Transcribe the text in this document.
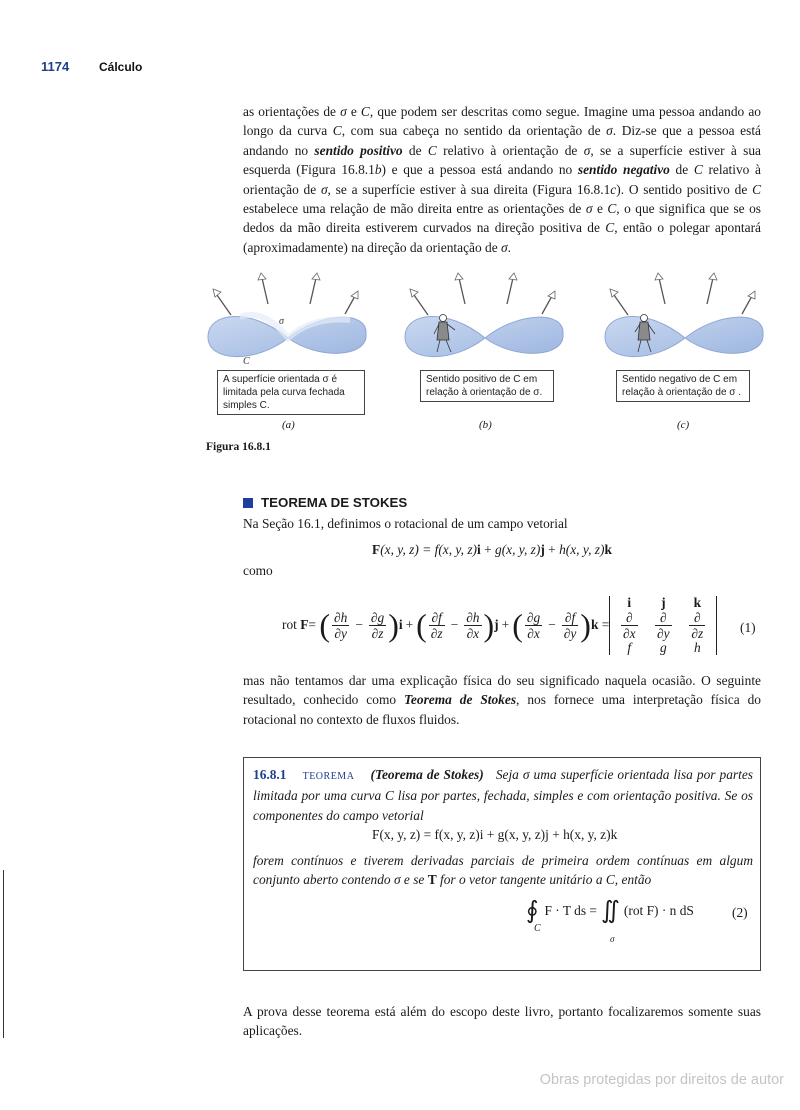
1174 Cálculo

as orientações de σ e C, que podem ser descritas como segue. Imagine uma pessoa andando ao longo da curva C, com sua cabeça no sentido da orientação de σ. Diz-se que a pessoa está andando no sentido positivo de C relativo à orientação de σ, se a superfície estiver à sua esquerda (Figura 16.8.1b) e que a pessoa está andando no sentido negativo de C relativo à orientação de σ, se a superfície estiver à sua direita (Figura 16.8.1c). O sentido positivo de C estabelece uma relação de mão direita entre as orientações de σ e C, o que significa que se os dedos da mão direita estiverem curvados na direção positiva de C, então o polegar apontará (aproximadamente) na direção da orientação de σ.

σ
C
A superfície orientada σ é
limitada pela curva fechada
simples C.
Sentido positivo de C em
relação à orientação de σ.
Sentido negativo de C em
relação à orientação de σ .
(a)	(b)	(c)
Figura 16.8.1
TEOREMA DE STOKES
Na Seção 16.1, definimos o rotacional de um campo vetorial
F(x, y, z) = f(x, y, z)i + g(x, y, z)j + h(x, y, z)k
como
rot
F =
( $\frac{\partial h}{\partial y} - \frac{\partial g}{\partial z}$ ) i + ( $\frac{\partial f}{\partial z} - \frac{\partial h}{\partial x}$ ) j + ( $\frac{\partial g}{\partial x} - \frac{\partial f}{\partial y}$ ) k =
i j k
$\frac{\partial}{\partial x} \frac{\partial}{\partial y} \frac{\partial}{\partial z}$
f g h
(1)

mas não tentamos dar uma explicação física do seu significado naquela ocasião. O seguinte resultado, conhecido como Teorema de Stokes, nos fornece uma interpretação física do rotacional no contexto de fluxos fluidos.

16.8.1 TEOREMA (Teorema de Stokes) Seja σ uma superfície orientada lisa por partes limitada por uma curva C lisa por partes, fechada, simples e com orientação positiva. Se os componentes do campo vetorial
F(x, y, z) = f(x, y, z)i + g(x, y, z)j + h(x, y, z)k
forem contínuos e tiverem derivadas parciais de primeira ordem contínuas em algum conjunto aberto contendo σ e se T for o vetor tangente unitário a C, então
∮
C
F · T ds = ∬
σ
(rot F) · n dS	(2)
A prova desse teorema está além do escopo deste livro, portanto focalizaremos somente suas aplicações.
Obras protegidas por direitos de autor
